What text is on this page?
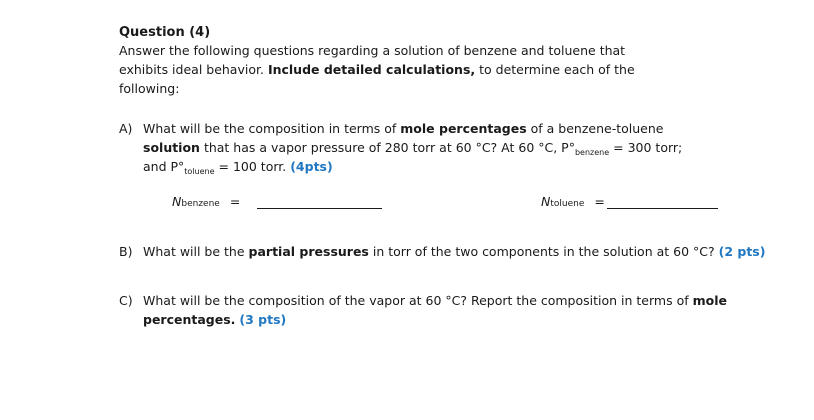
Question (4)
Answer the following questions regarding a solution of benzene and toluene that
exhibits ideal behavior. Include detailed calculations, to determine each of the
following:
A) What will be the composition in terms of mole percentages of a benzene-toluene
solution that has a vapor pressure of 280 torr at 60 °C? At 60 °C, $P^\circ_{benzene} = 300$ torr;
and $P^\circ_{toluene} = 100$ torr. (4pts)
Nbenzene =	Ntoluene =
B) What will be the partial pressures in torr of the two components in the solution at 60 °C? (2 pts)
C) What will be the composition of the vapor at 60 °C? Report the composition in terms of mole
percentages. (3 pts)
